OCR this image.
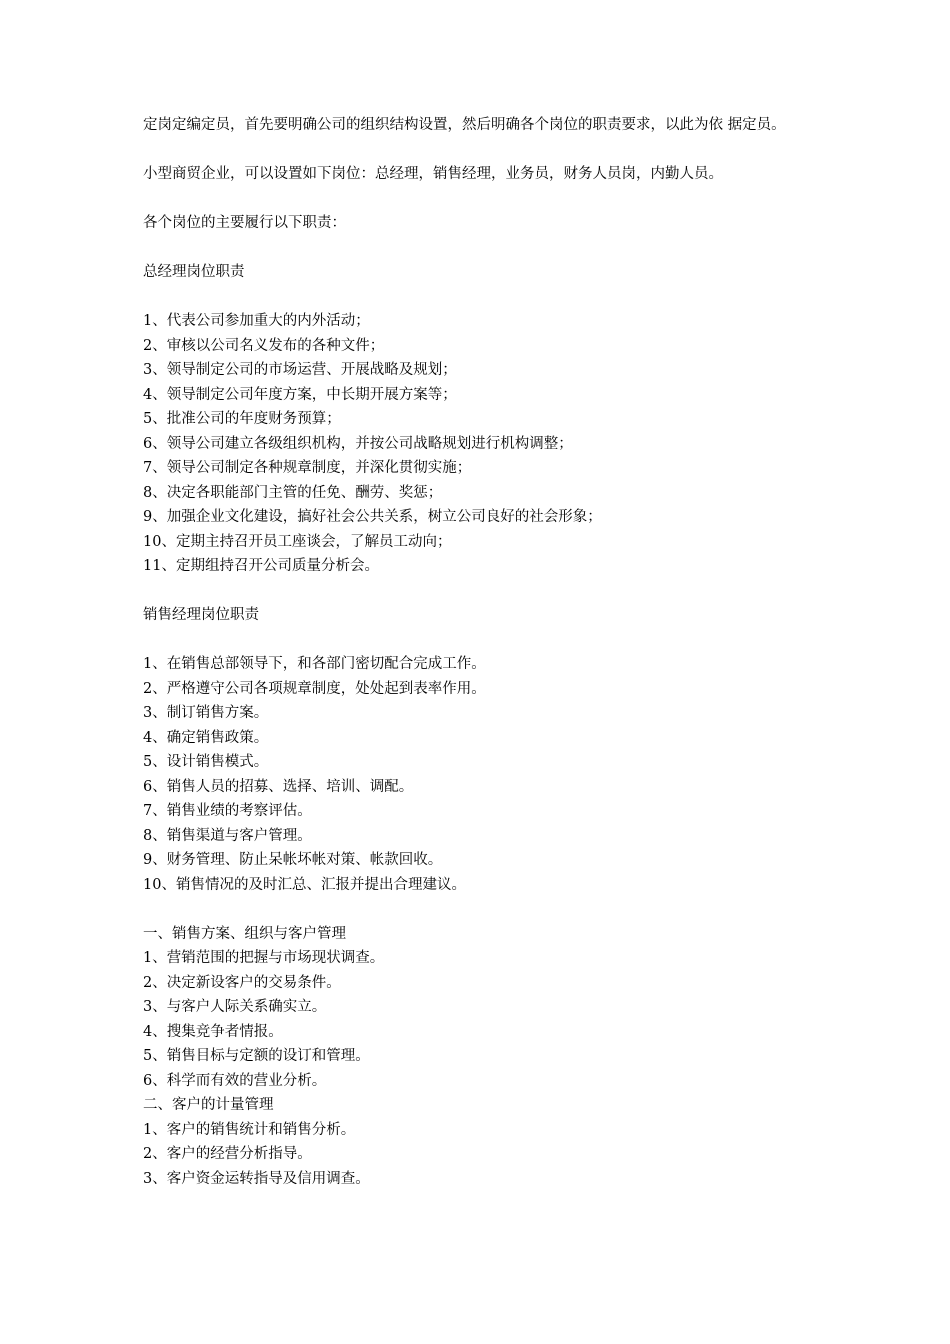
定岗定编定员，首先要明确公司的组织结构设置，然后明确各个岗位的职责要求，以此为依 据定员。

小型商贸企业，可以设置如下岗位：总经理，销售经理，业务员，财务人员岗，内勤人员。

各个岗位的主要履行以下职责：

总经理岗位职责

1、代表公司参加重大的内外活动；

2、审核以公司名义发布的各种文件；

3、领导制定公司的市场运营、开展战略及规划；

4、领导制定公司年度方案，中长期开展方案等；

5、批准公司的年度财务预算；

6、领导公司建立各级组织机构，并按公司战略规划进行机构调整；

7、领导公司制定各种规章制度，并深化贯彻实施；

8、决定各职能部门主管的任免、酬劳、奖惩；

9、加强企业文化建设，搞好社会公共关系，树立公司良好的社会形象；

10、定期主持召开员工座谈会，了解员工动向；

11、定期组持召开公司质量分析会。

销售经理岗位职责

1、在销售总部领导下，和各部门密切配合完成工作。

2、严格遵守公司各项规章制度，处处起到表率作用。

3、制订销售方案。

4、确定销售政策。

5、设计销售模式。

6、销售人员的招募、选择、培训、调配。

7、销售业绩的考察评估。

8、销售渠道与客户管理。

9、财务管理、防止呆帐坏帐对策、帐款回收。

10、销售情况的及时汇总、汇报并提出合理建议。

一、销售方案、组织与客户管理

1、营销范围的把握与市场现状调查。

2、决定新设客户的交易条件。

3、与客户人际关系确实立。

4、搜集竞争者情报。

5、销售目标与定额的设订和管理。

6、科学而有效的营业分析。

二、客户的计量管理

1、客户的销售统计和销售分析。

2、客户的经营分析指导。

3、客户资金运转指导及信用调查。
